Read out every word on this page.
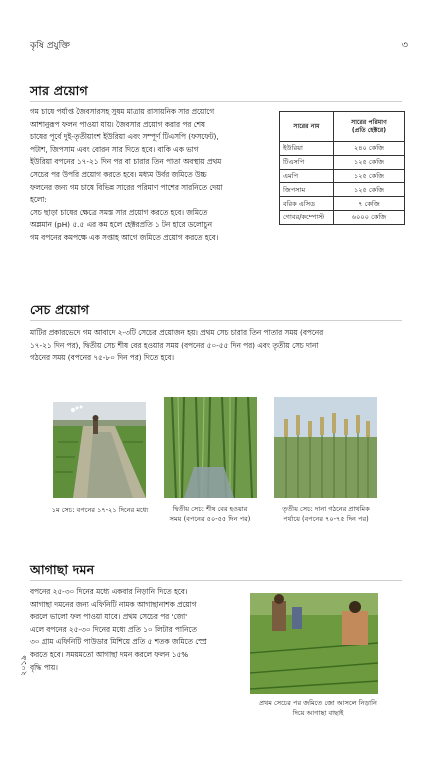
কৃষি প্রযুক্তি	৩
সার প্রয়োগ
গম চাষে পর্যাপ্ত জৈবসারসহ সুষম মাত্রায় রাসায়নিক সার প্রয়োগে
আশানুরূপ ফলন পাওয়া যায়। জৈবসার প্রয়োগ করার পর শেষ
চাষের পূর্বে দুই-তৃতীয়াংশ ইউরিয়া এবং সম্পূর্ণ টিএসপি (ফসফেট),
পটাশ, জিপসাম এবং বোরন সার দিতে হবে। বাকি এক ভাগ
ইউরিয়া বপনের ১৭-২১ দিন পর বা চারার তিন পাতা অবস্থায় প্রথম
সেচের পর উপরি প্রয়োগ করতে হবে। মধ্যম উর্বর জমিতে উচ্চ
ফলনের জন্য গম চাষে বিভিন্ন সারের পরিমাণ পাশের সারনিতে দেয়া
হলো:
সেচ ছাড়া চাষের ক্ষেত্রে সমস্ত সার প্রয়োগ করতে হবে। জমিতে
অম্লমান (pH) ৫.৫ এর কম হলে হেক্টরপ্রতি ১ টন হারে ডলোচুন
গম বপনের কমপক্ষে এক সপ্তাহ আগে জমিতে প্রয়োগ করতে হবে।
সারের নাম	সারের পরিমাণ
(প্রতি হেক্টরে)

ইউরিয়া	২৪০ কেজি
টিএসপি	১২৫ কেজি
এমপি	১২৫ কেজি
জিপসাম	১২৫ কেজি
বরিক এসিড	৭ কেজি
গোবর/কম্পোস্ট	৬০০০ কেজি
সেচ প্রয়োগ
মাটির প্রকারভেদে গম আবাদে ২-৩টি সেচের প্রয়োজন হয়। প্রথম সেচ চারার তিন পাতার সময় (বপনের
১৭-২১ দিন পর), দ্বিতীয় সেচ শীষ বের হওয়ার সময় (বপনের ৫০-৫৫ দিন পর) এবং তৃতীয় সেচ দানা
গঠনের সময় (বপনের ৭৫-৮০ দিন পর) দিতে হবে।
১ম সেচ: বপনের ১৭-২১ দিনের মধ্যে	দ্বিতীয় সেচ: শীষ বের হওয়ার
সময় (বপনের ৫০-৫৫ দিন পর)
তৃতীয় সেচ: দানা গঠনের প্রাথমিক
পর্যায়ে (বপনের ৭০-৭৫ দিন পর)
আগাছা দমন
বপনের ২৫-৩০ দিনের মধ্যে একবার নিড়ানি দিতে হবে।
আগাছা দমনের জন্য এফিনিটি নামক আগাছানাশক প্রয়োগ
করলে ভালো ফল পাওয়া যাবে। প্রথম সেচের পর 'জো'
এলে বপনের ২৫-৩০ দিনের মধ্যে প্রতি ১০ লিটার পানিতে
৩০ গ্রাম এফিনিটি পাউডার মিশিয়ে প্রতি ৫ শতক জমিতে স্প্রে
করতে হবে। সময়মতো আগাছা দমন করলে ফলন ১৫%
বৃদ্ধি পায়।
প্রথম সেচের পর জমিতে জো আসলে নিড়ানি
দিয়ে আগাছা বাছাই
২০১৯
